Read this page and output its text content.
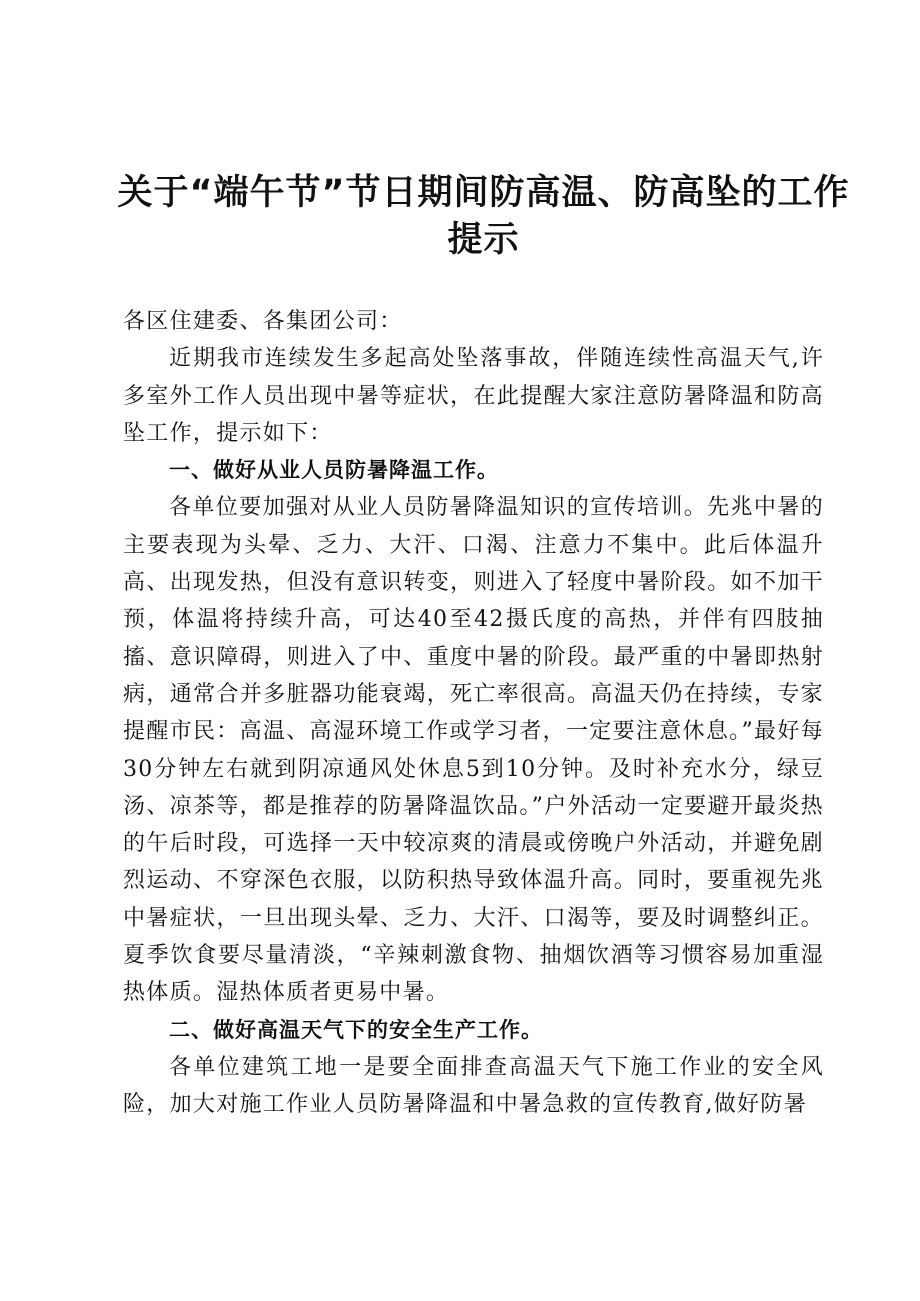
关于“端午节”节日期间防高温、防高坠的工作提示

各区住建委、各集团公司：

近期我市连续发生多起高处坠落事故，伴随连续性高温天气,许多室外工作人员出现中暑等症状，在此提醒大家注意防暑降温和防高坠工作，提示如下：

一、做好从业人员防暑降温工作。

各单位要加强对从业人员防暑降温知识的宣传培训。先兆中暑的主要表现为头晕、乏力、大汗、口渴、注意力不集中。此后体温升高、出现发热，但没有意识转变，则进入了轻度中暑阶段。如不加干预，体温将持续升高，可达40至42摄氏度的高热，并伴有四肢抽搐、意识障碍，则进入了中、重度中暑的阶段。最严重的中暑即热射病，通常合并多脏器功能衰竭，死亡率很高。高温天仍在持续，专家提醒市民：高温、高湿环境工作或学习者，一定要注意休息。”最好每30分钟左右就到阴凉通风处休息5到10分钟。及时补充水分，绿豆汤、凉茶等，都是推荐的防暑降温饮品。”户外活动一定要避开最炎热的午后时段，可选择一天中较凉爽的清晨或傍晚户外活动，并避免剧烈运动、不穿深色衣服，以防积热导致体温升高。同时，要重视先兆中暑症状，一旦出现头晕、乏力、大汗、口渴等，要及时调整纠正。夏季饮食要尽量清淡，“辛辣刺激食物、抽烟饮酒等习惯容易加重湿热体质。湿热体质者更易中暑。

二、做好高温天气下的安全生产工作。

各单位建筑工地一是要全面排查高温天气下施工作业的安全风险，加大对施工作业人员防暑降温和中暑急救的宣传教育,做好防暑
